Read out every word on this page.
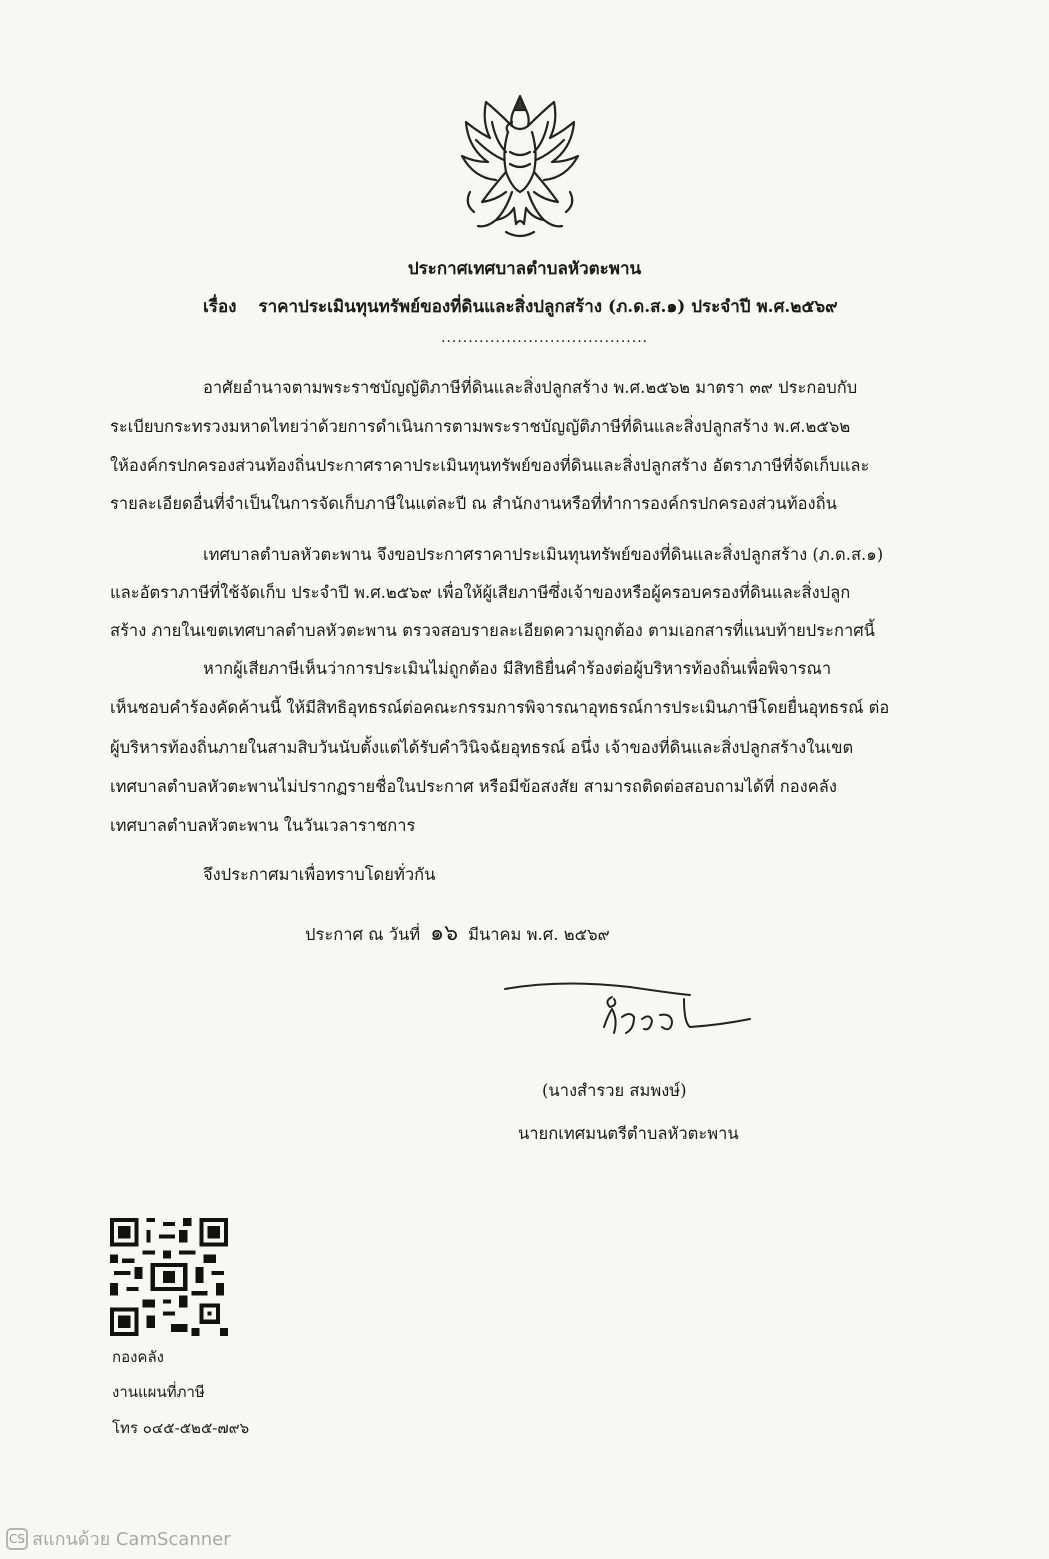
ประกาศเทศบาลตำบลหัวตะพาน
เรื่อง ราคาประเมินทุนทรัพย์ของที่ดินและสิ่งปลูกสร้าง (ภ.ด.ส.๑) ประจำปี พ.ศ.๒๕๖๙
......................................
อาศัยอำนาจตามพระราชบัญญัติภาษีที่ดินและสิ่งปลูกสร้าง พ.ศ.๒๕๖๒ มาตรา ๓๙ ประกอบกับ
ระเบียบกระทรวงมหาดไทยว่าด้วยการดำเนินการตามพระราชบัญญัติภาษีที่ดินและสิ่งปลูกสร้าง พ.ศ.๒๕๖๒
ให้องค์กรปกครองส่วนท้องถิ่นประกาศราคาประเมินทุนทรัพย์ของที่ดินและสิ่งปลูกสร้าง อัตราภาษีที่จัดเก็บและ
รายละเอียดอื่นที่จำเป็นในการจัดเก็บภาษีในแต่ละปี ณ สำนักงานหรือที่ทำการองค์กรปกครองส่วนท้องถิ่น
เทศบาลตำบลหัวตะพาน จึงขอประกาศราคาประเมินทุนทรัพย์ของที่ดินและสิ่งปลูกสร้าง (ภ.ด.ส.๑)
และอัตราภาษีที่ใช้จัดเก็บ ประจำปี พ.ศ.๒๕๖๙ เพื่อให้ผู้เสียภาษีซึ่งเจ้าของหรือผู้ครอบครองที่ดินและสิ่งปลูก
สร้าง ภายในเขตเทศบาลตำบลหัวตะพาน ตรวจสอบรายละเอียดความถูกต้อง ตามเอกสารที่แนบท้ายประกาศนี้
หากผู้เสียภาษีเห็นว่าการประเมินไม่ถูกต้อง มีสิทธิยื่นคำร้องต่อผู้บริหารท้องถิ่นเพื่อพิจารณา
เห็นชอบคำร้องคัดค้านนี้ ให้มีสิทธิอุทธรณ์ต่อคณะกรรมการพิจารณาอุทธรณ์การประเมินภาษีโดยยื่นอุทธรณ์ ต่อ
ผู้บริหารท้องถิ่นภายในสามสิบวันนับตั้งแต่ได้รับคำวินิจฉัยอุทธรณ์ อนึ่ง เจ้าของที่ดินและสิ่งปลูกสร้างในเขต
เทศบาลตำบลหัวตะพานไม่ปรากฏรายชื่อในประกาศ หรือมีข้อสงสัย สามารถติดต่อสอบถามได้ที่ กองคลัง
เทศบาลตำบลหัวตะพาน ในวันเวลาราชการ
จึงประกาศมาเพื่อทราบโดยทั่วกัน
ประกาศ ณ วันที่ ๑๖ มีนาคม พ.ศ. ๒๕๖๙
(นางสำรวย สมพงษ์)
นายกเทศมนตรีตำบลหัวตะพาน
กองคลัง
งานแผนที่ภาษี
โทร ๐๔๕-๕๒๕-๗๙๖
CS สแกนด้วย CamScanner
